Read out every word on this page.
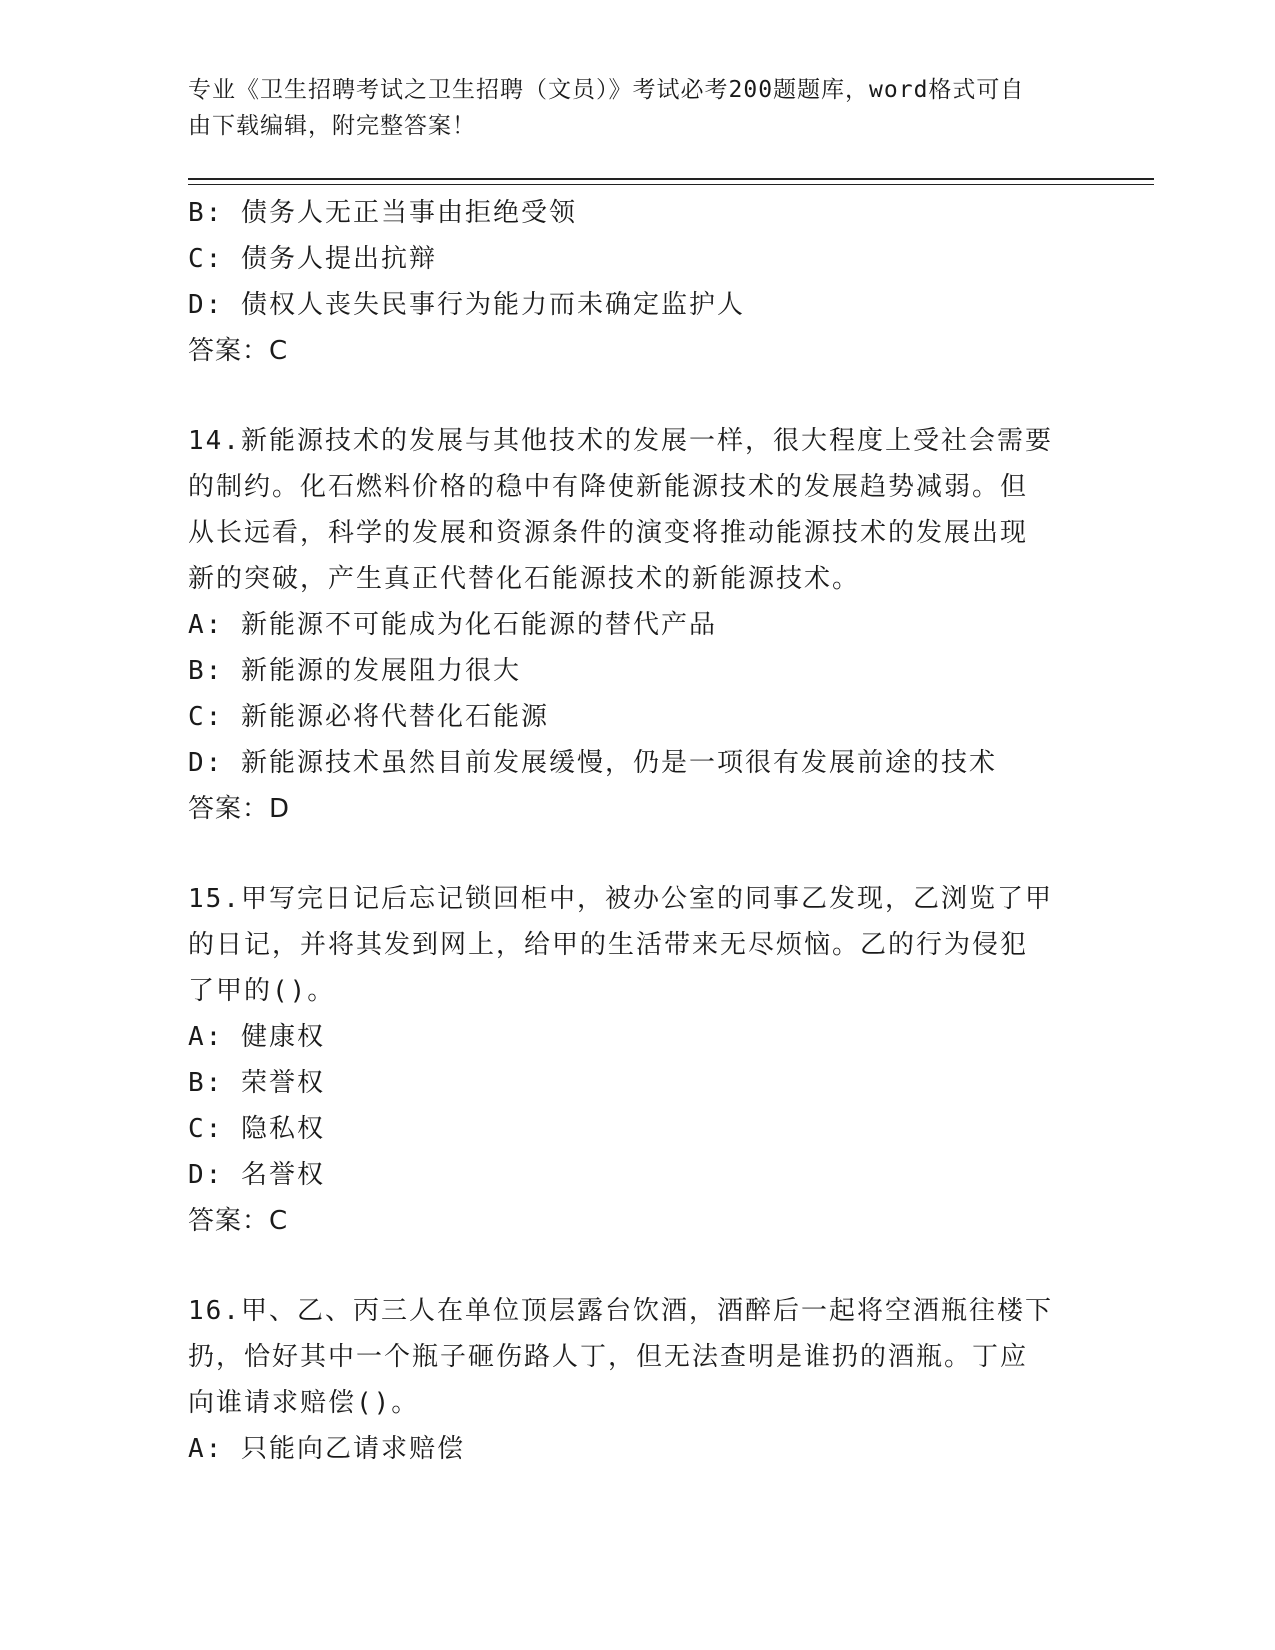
专业《卫生招聘考试之卫生招聘（文员）》考试必考200题题库，word格式可自
由下载编辑，附完整答案！
B: 债务人无正当事由拒绝受领
C: 债务人提出抗辩
D: 债权人丧失民事行为能力而未确定监护人
答案：C
14.新能源技术的发展与其他技术的发展一样，很大程度上受社会需要
的制约。化石燃料价格的稳中有降使新能源技术的发展趋势减弱。但
从长远看，科学的发展和资源条件的演变将推动能源技术的发展出现
新的突破，产生真正代替化石能源技术的新能源技术。
A: 新能源不可能成为化石能源的替代产品
B: 新能源的发展阻力很大
C: 新能源必将代替化石能源
D: 新能源技术虽然目前发展缓慢，仍是一项很有发展前途的技术
答案：D
15.甲写完日记后忘记锁回柜中，被办公室的同事乙发现，乙浏览了甲
的日记，并将其发到网上，给甲的生活带来无尽烦恼。乙的行为侵犯
了甲的()。
A: 健康权
B: 荣誉权
C: 隐私权
D: 名誉权
答案：C
16.甲、乙、丙三人在单位顶层露台饮酒，酒醉后一起将空酒瓶往楼下
扔，恰好其中一个瓶子砸伤路人丁，但无法查明是谁扔的酒瓶。丁应
向谁请求赔偿()。
A: 只能向乙请求赔偿
